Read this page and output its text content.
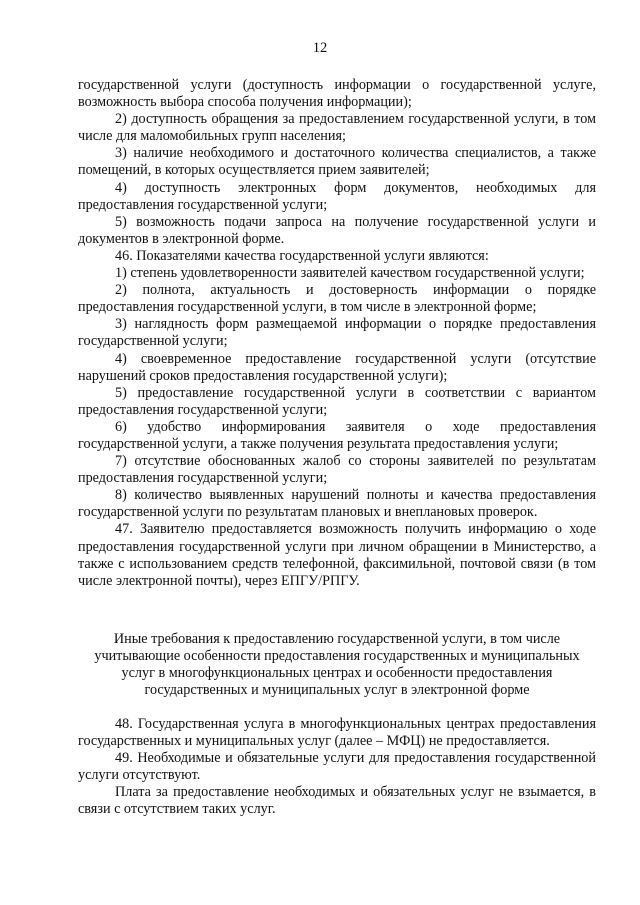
12

государственной услуги (доступность информации о государственной услуге, возможность выбора способа получения информации);

2) доступность обращения за предоставлением государственной услуги, в том числе для маломобильных групп населения;

3) наличие необходимого и достаточного количества специалистов, а также помещений, в которых осуществляется прием заявителей;

4) доступность электронных форм документов, необходимых для предоставления государственной услуги;

5) возможность подачи запроса на получение государственной услуги и документов в электронной форме.

46. Показателями качества государственной услуги являются:

1) степень удовлетворенности заявителей качеством государственной услуги;

2) полнота, актуальность и достоверность информации о порядке предоставления государственной услуги, в том числе в электронной форме;

3) наглядность форм размещаемой информации о порядке предоставления государственной услуги;

4) своевременное предоставление государственной услуги (отсутствие нарушений сроков предоставления государственной услуги);

5) предоставление государственной услуги в соответствии с вариантом предоставления государственной услуги;

6) удобство информирования заявителя о ходе предоставления государственной услуги, а также получения результата предоставления услуги;

7) отсутствие обоснованных жалоб со стороны заявителей по результатам предоставления государственной услуги;

8) количество выявленных нарушений полноты и качества предоставления государственной услуги по результатам плановых и внеплановых проверок.

47. Заявителю предоставляется возможность получить информацию о ходе предоставления государственной услуги при личном обращении в Министерство, а также с использованием средств телефонной, факсимильной, почтовой связи (в том числе электронной почты), через ЕПГУ/РПГУ.

Иные требования к предоставлению государственной услуги, в том числе
учитывающие особенности предоставления государственных и муниципальных
услуг в многофункциональных центрах и особенности предоставления
государственных и муниципальных услуг в электронной форме

48. Государственная услуга в многофункциональных центрах предоставления государственных и муниципальных услуг (далее – МФЦ) не предоставляется.

49. Необходимые и обязательные услуги для предоставления государственной услуги отсутствуют.

Плата за предоставление необходимых и обязательных услуг не взымается, в связи с отсутствием таких услуг.
